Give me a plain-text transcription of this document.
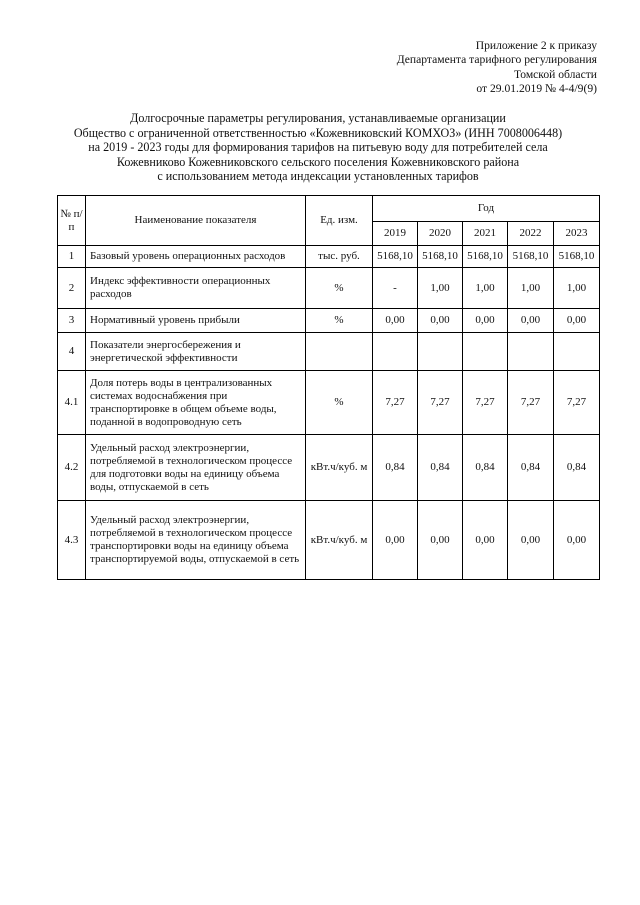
Приложение 2 к приказу
Департамента тарифного регулирования
Томской области
от 29.01.2019 № 4-4/9(9)
Долгосрочные параметры регулирования, устанавливаемые организации
Общество с ограниченной ответственностью «Кожевниковский КОМХОЗ» (ИНН 7008006448)
на 2019 - 2023 годы для формирования тарифов на питьевую воду для потребителей села
Кожевниково Кожевниковского сельского поселения Кожевниковского района
с использованием метода индексации установленных тарифов
№ п/п	Наименование показателя	Ед. изм.	Год				
			2019	2020	2021	2022	2023
1	Базовый уровень операционных расходов	тыс. руб.	5168,10	5168,10	5168,10	5168,10	5168,10
2	Индекс эффективности операционных расходов	%	-	1,00	1,00	1,00	1,00
3	Нормативный уровень прибыли	%	0,00	0,00	0,00	0,00	0,00
4	Показатели энергосбережения и энергетической эффективности						
4.1	Доля потерь воды в централизованных системах водоснабжения при транспортировке в общем объеме воды, поданной в водопроводную сеть	%	7,27	7,27	7,27	7,27	7,27
4.2	Удельный расход электроэнергии, потребляемой в технологическом процессе для подготовки воды на единицу объема воды, отпускаемой в сеть	кВт.ч/куб. м	0,84	0,84	0,84	0,84	0,84
4.3	Удельный расход электроэнергии, потребляемой в технологическом процессе транспортировки воды на единицу объема транспортируемой воды, отпускаемой в сеть	кВт.ч/куб. м	0,00	0,00	0,00	0,00	0,00
